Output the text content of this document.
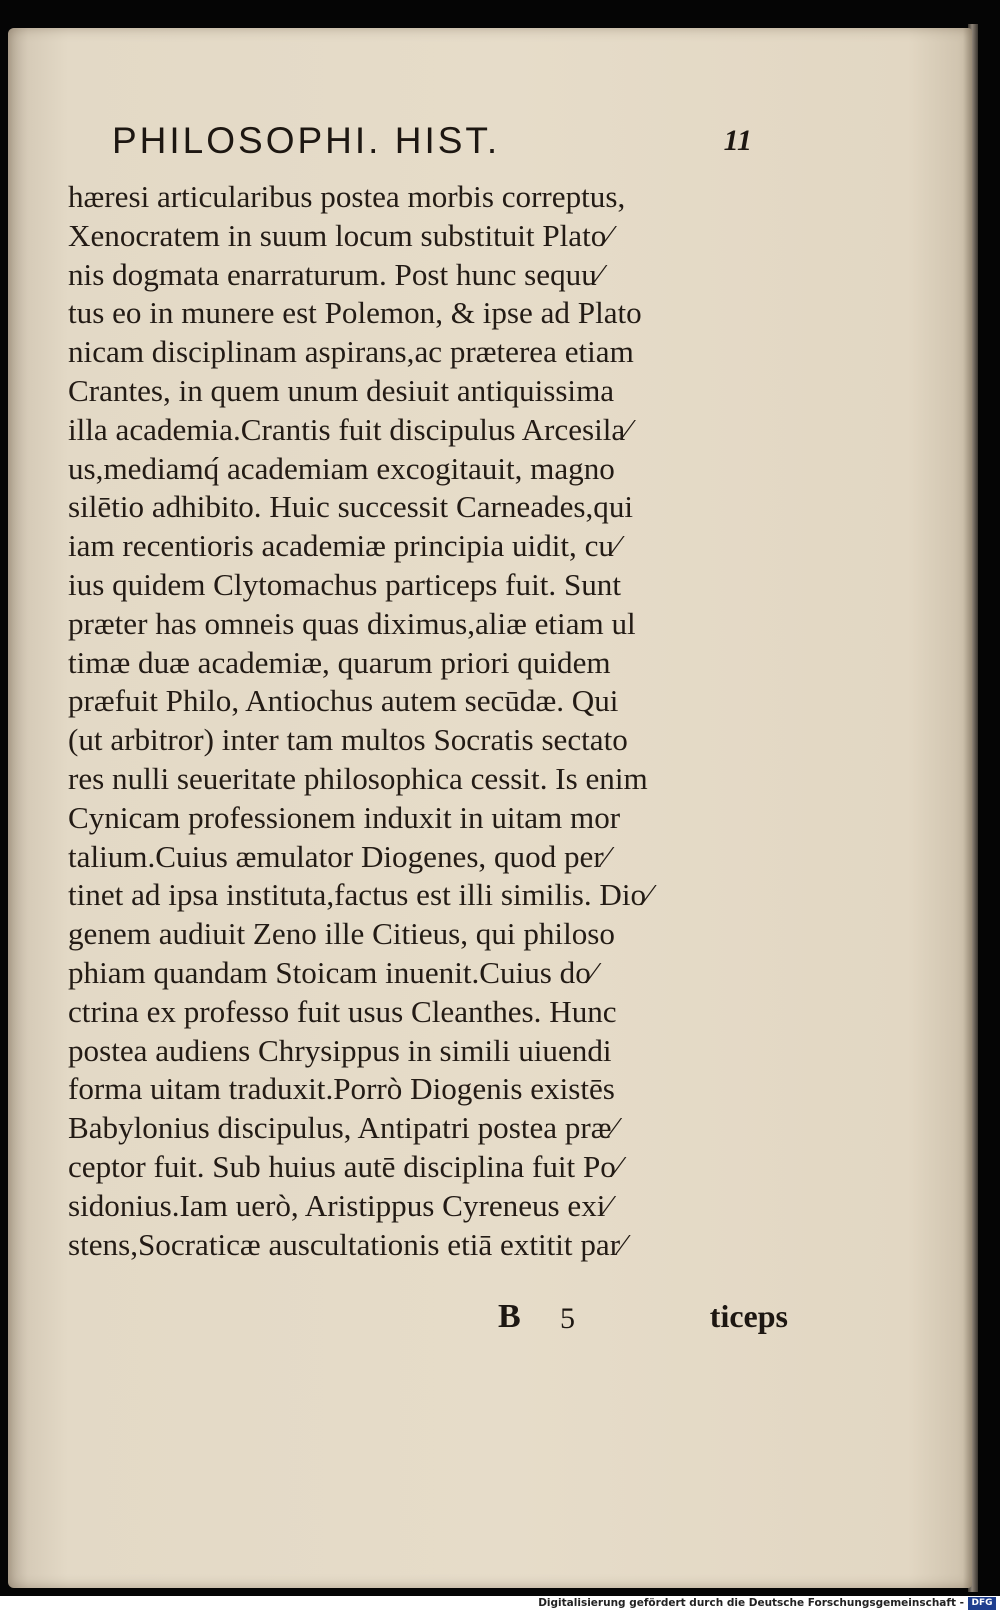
PHILOSOPHI. HIST.	11
hæresi articularibus postea morbis correptus,
Xenocratem in suum locum substituit Plato⁄
nis dogmata enarraturum. Post hunc sequu⁄
tus eo in munere est Polemon, & ipse ad Plato
nicam disciplinam aspirans,ac præterea etiam
Crantes, in quem unum desiuit antiquissima
illa academia.Crantis fuit discipulus Arcesila⁄
us,mediamq́ academiam excogitauit, magno
silētio adhibito. Huic successit Carneades,qui
iam recentioris academiæ principia uidit, cu⁄
ius quidem Clytomachus particeps fuit. Sunt
præter has omneis quas diximus,aliæ etiam ul
timæ duæ academiæ, quarum priori quidem
præfuit Philo, Antiochus autem secūdæ. Qui
(ut arbitror) inter tam multos Socratis sectato
res nulli seueritate philosophica cessit. Is enim
Cynicam professionem induxit in uitam mor
talium.Cuius æmulator Diogenes, quod per⁄
tinet ad ipsa instituta,factus est illi similis. Dio⁄
genem audiuit Zeno ille Citieus, qui philoso
phiam quandam Stoicam inuenit.Cuius do⁄
ctrina ex professo fuit usus Cleanthes. Hunc
postea audiens Chrysippus in simili uiuendi
forma uitam traduxit.Porrò Diogenis existēs
Babylonius discipulus, Antipatri postea præ⁄
ceptor fuit. Sub huius autē disciplina fuit Po⁄
sidonius.Iam uerò, Aristippus Cyreneus exi⁄
stens,Socraticæ auscultationis etiā extitit par⁄
B 5	ticeps
Digitalisierung gefördert durch die Deutsche Forschungsgemeinschaft - DFG
